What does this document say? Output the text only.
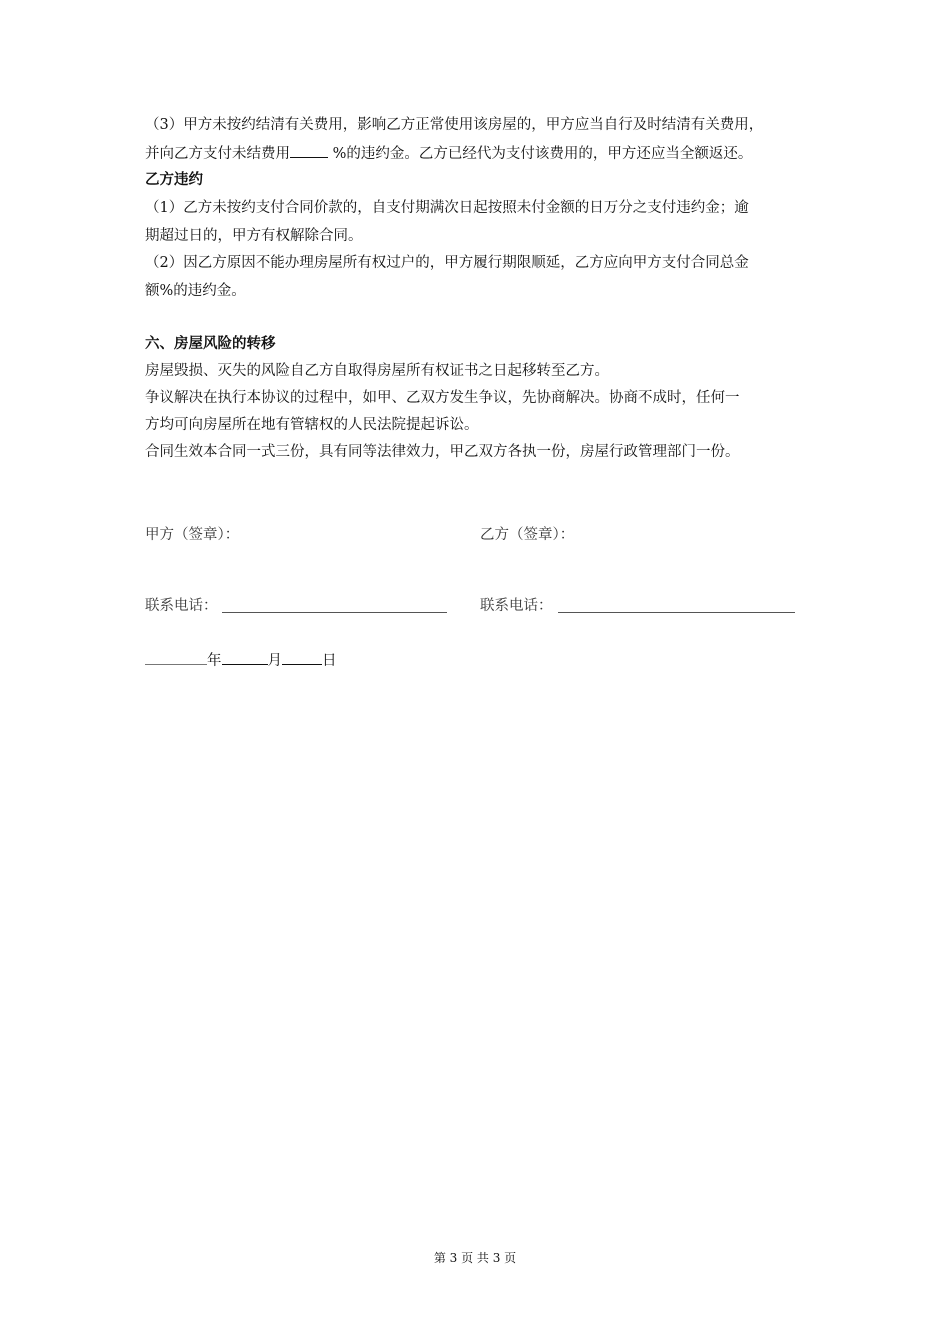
（3）甲方未按约结清有关费用，影响乙方正常使用该房屋的，甲方应当自行及时结清有关费用，
并向乙方支付未结费用	%的违约金。乙方已经代为支付该费用的，甲方还应当全额返还。
乙方违约
（1）乙方未按约支付合同价款的，自支付期满次日起按照未付金额的日万分之支付违约金；逾
期超过日的，甲方有权解除合同。
（2）因乙方原因不能办理房屋所有权过户的，甲方履行期限顺延，乙方应向甲方支付合同总金
额%的违约金。
六、房屋风险的转移
房屋毁损、灭失的风险自乙方自取得房屋所有权证书之日起移转至乙方。
争议解决在执行本协议的过程中，如甲、乙双方发生争议，先协商解决。协商不成时，任何一
方均可向房屋所在地有管辖权的人民法院提起诉讼。
合同生效本合同一式三份，具有同等法律效力，甲乙双方各执一份，房屋行政管理部门一份。
甲方（签章）：	乙方（签章）：
联系电话：	联系电话：
年	月	日
第 3 页 共 3 页
